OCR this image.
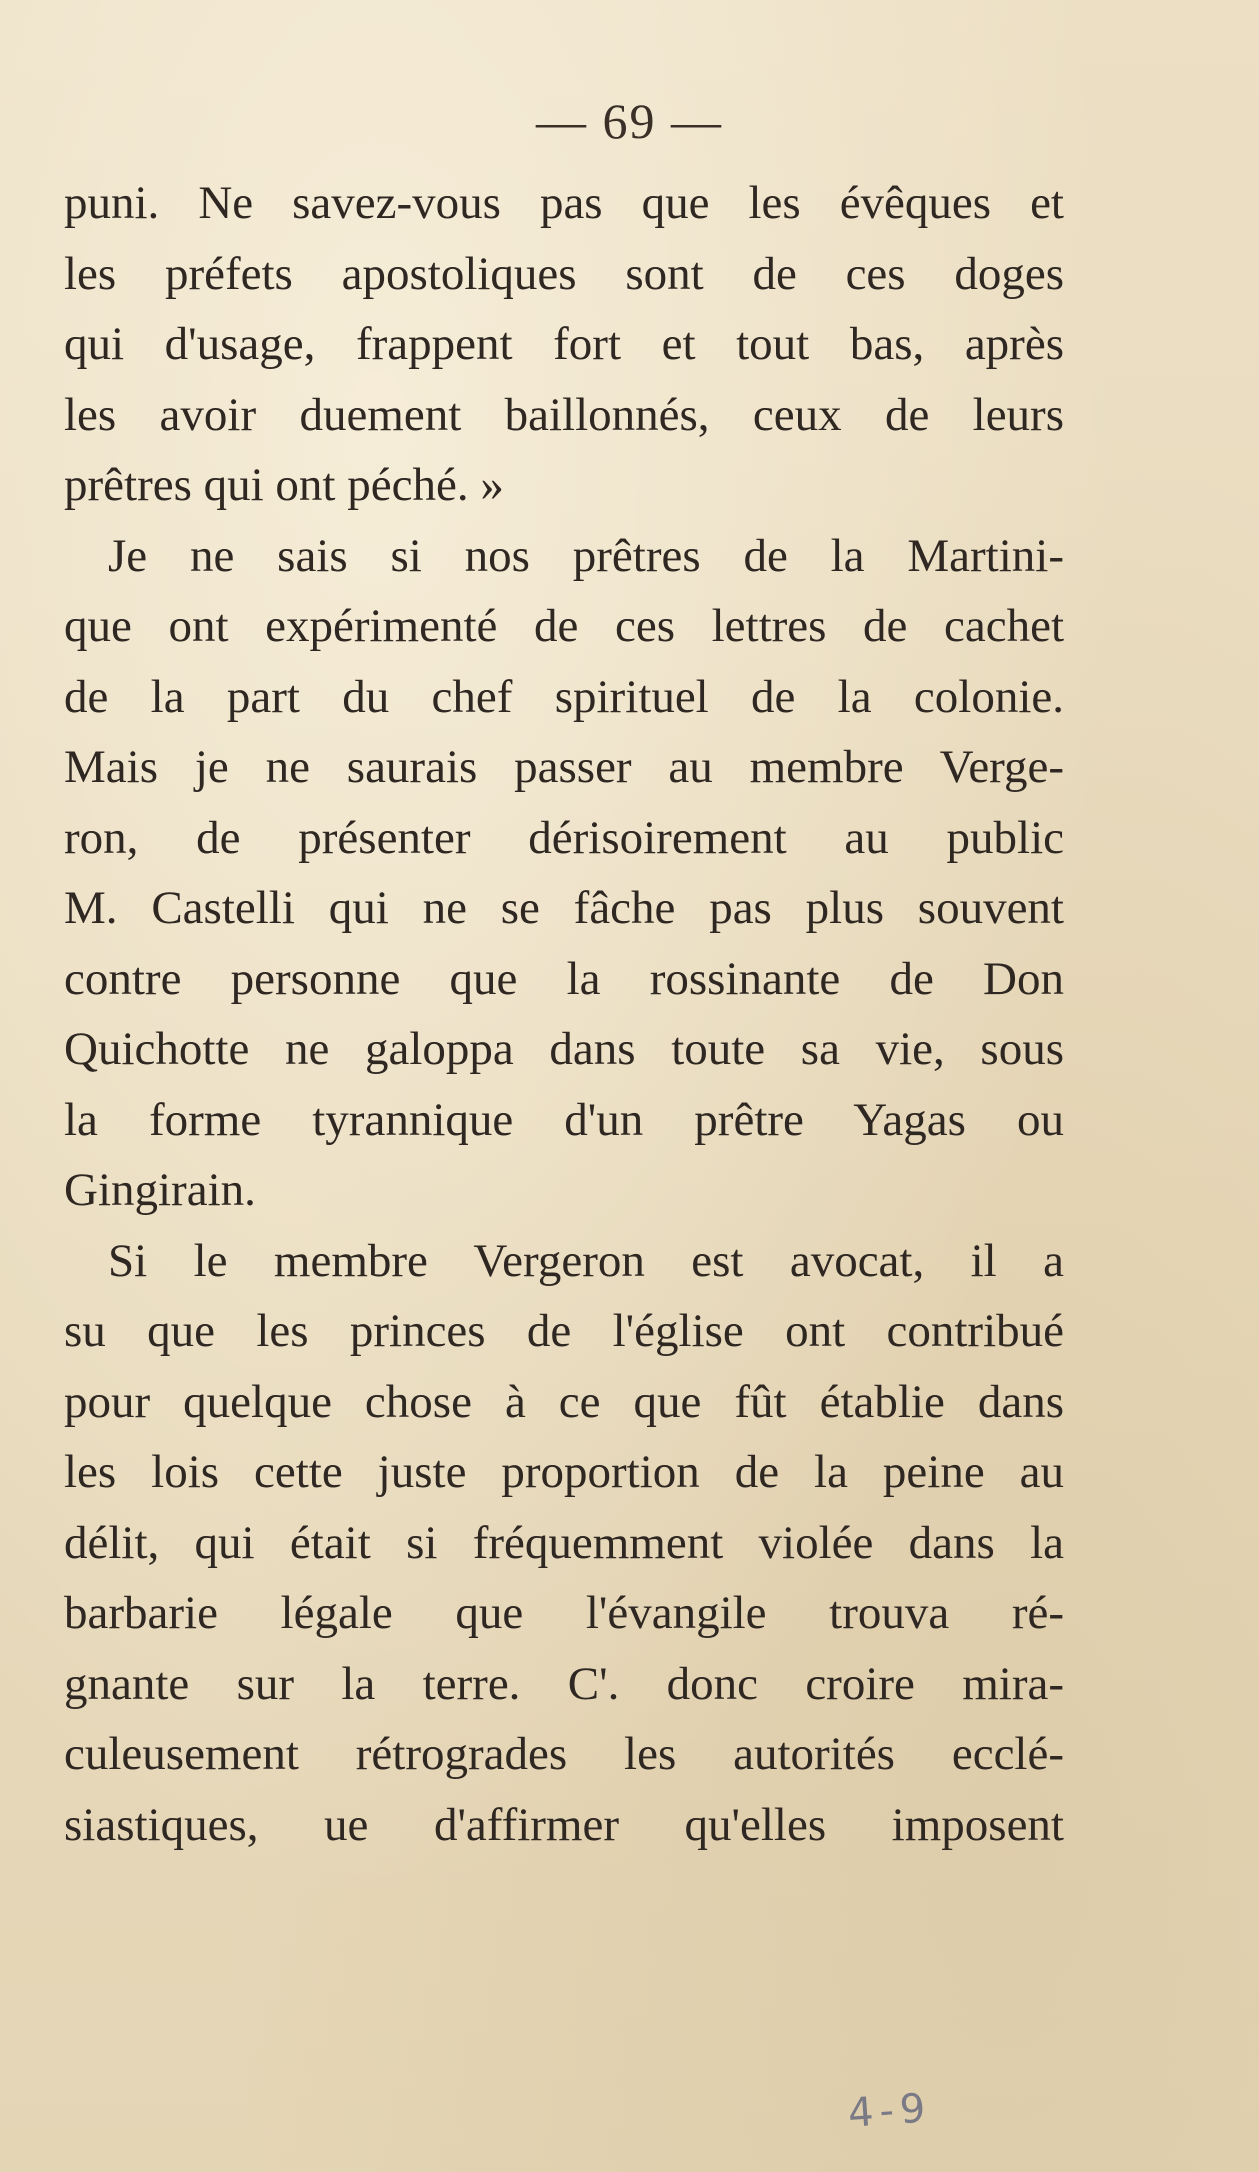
— 69 —
puni. Ne savez-vous pas que les évêques et
les préfets apostoliques sont de ces doges
qui d'usage, frappent fort et tout bas, après
les avoir duement baillonnés, ceux de leurs
prêtres qui ont péché. »
Je ne sais si nos prêtres de la Martini-
que ont expérimenté de ces lettres de cachet
de la part du chef spirituel de la colonie.
Mais je ne saurais passer au membre Verge-
ron, de présenter dérisoirement au public
M. Castelli qui ne se fâche pas plus souvent
contre personne que la rossinante de Don
Quichotte ne galoppa dans toute sa vie, sous
la forme tyrannique d'un prêtre Yagas ou
Gingirain.
Si le membre Vergeron est avocat, il a
su que les princes de l'église ont contribué
pour quelque chose à ce que fût établie dans
les lois cette juste proportion de la peine au
délit, qui était si fréquemment violée dans la
barbarie légale que l'évangile trouva ré-
gnante sur la terre. C'. donc croire mira-
culeusement rétrogrades les autorités ecclé-
siastiques, ue d'affirmer qu'elles imposent
4-9
